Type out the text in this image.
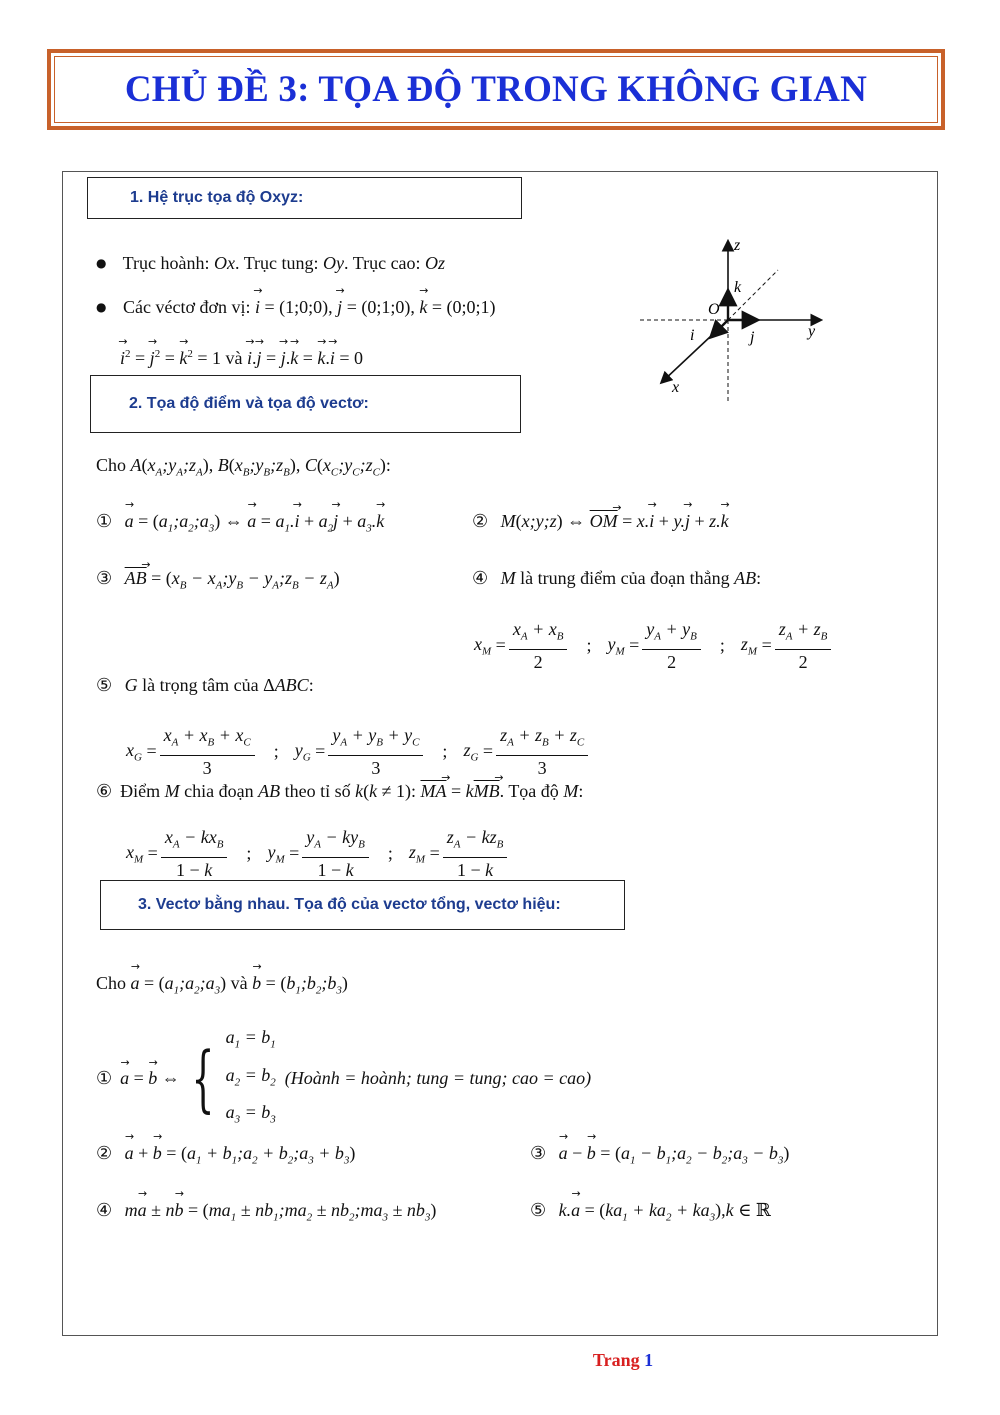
CHỦ ĐỀ 3: TỌA ĐỘ TRONG KHÔNG GIAN
1. Hệ trục tọa độ Oxyz:
● Trục hoành: Ox. Trục tung: Oy. Trục cao: Oz
● Các véctơ đơn vị: → i = (1;0;0), → j = (0;1;0), → k = (0;0;1)
→ $i^2$ = → $j^2$ = → $k^2 = 1$ và → i.→ j = → j.→ k = → k.→ i = 0
z
y
x
O
k
j
i
2. Tọa độ điểm và tọa độ vectơ:
Cho $A(x_A;y_A;z_A)$, $B(x_B;y_B;z_B)$, $C(x_C;y_C;z_C)$:
① → $a = (a_1;a_2;a_3)$ ⇔ → $a = a_1.\to i + a_2\to j + a_3.\to k$	② M(x;y;z) ⇔ $\overline{OM}$ → = x.→ i + y.→ j + z.→ k
③ $\overline{AB}$ → = ($x_B$ − $x_A;y_B$ − $y_A;z_B - z_A$)	④ M là trung điểm của đoạn thẳng AB:
$x_M = \frac{x_A + x_B}{2}$ ; $y_M = \frac{y_A + y_B}{2}$ ; $z_M = \frac{z_A + z_B}{2}$
⑤ G là trọng tâm của ΔABC:
$x_G = \frac{x_A + x_B + x_C}{3}$ ; $y_G = \frac{y_A + y_B + y_C}{3}$ ; $z_G = \frac{z_A + z_B + z_C}{3}$
⑥ Điểm M chia đoạn AB theo tỉ số k(k ≠ 1): $\overline{MA}$ → = $k\overline{MB}$ →. Tọa độ M:
$x_M = \frac{x_A - kx_B}{1 - k}$ ; $y_M = \frac{y_A - ky_B}{1 - k}$ ; $z_M = \frac{z_A - kz_B}{1 - k}$
3. Vectơ bằng nhau. Tọa độ của vectơ tổng, vectơ hiệu:
Cho → $a = (a_1;a_2;a_3)$ và → $b = (b_1;b_2;b_3)$
① → a = → b ⇔ { $a_1 = b_1$
$a_2 = b_2$
$a_3 = b_3$

(Hoành = hoành; tung = tung; cao = cao)
② → a + → $b = (a_1$ + $b_1;a_2$ + $b_2;a_3 + b_3$)	③ → a − → $b = (a_1$ − $b_1;a_2$ − $b_2;a_3 - b_3$)
④ $m\to a \pm n\to b = (ma_1$ ± $nb_1;ma_2$ ± $nb_2;ma_3 \pm nb_3$)	⑤ $k.\to a = (ka_1 + ka_2 + ka_3),k$ ∈ ℝ
Trang 1
